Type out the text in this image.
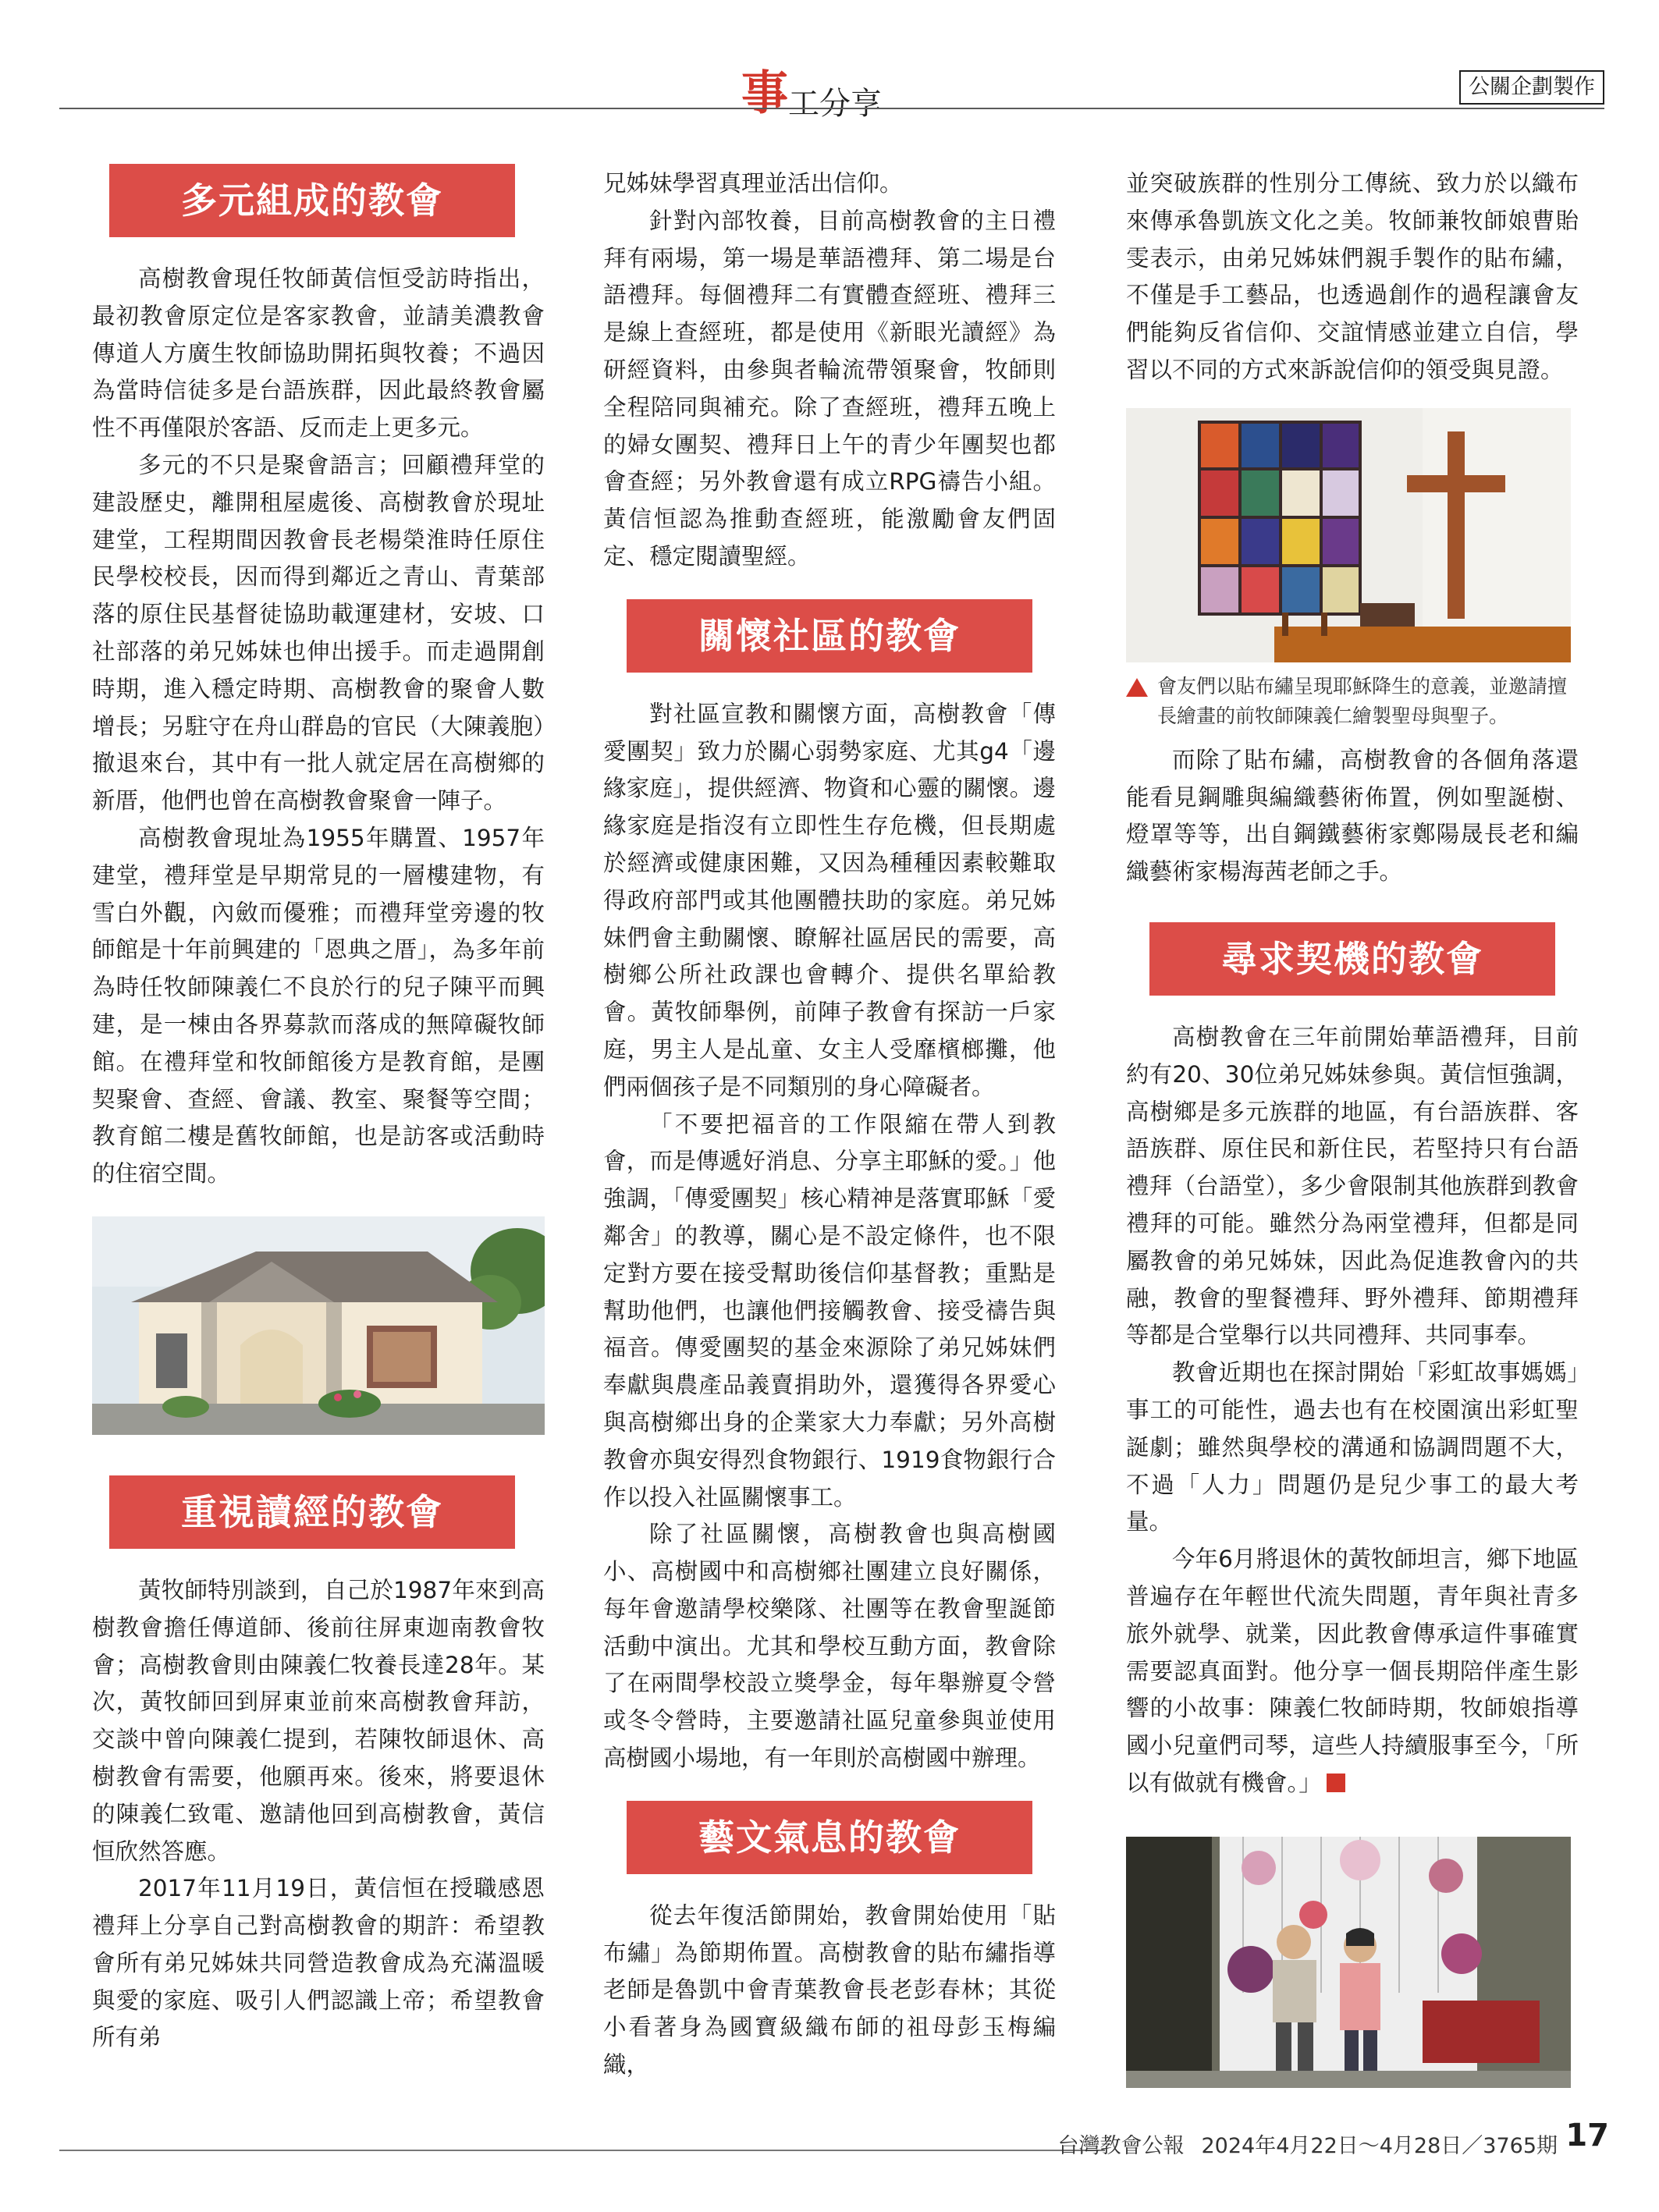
事工分享	公關企劃製作
多元組成的教會

高樹教會現任牧師黃信恒受訪時指出，最初教會原定位是客家教會，並請美濃教會傳道人方廣生牧師協助開拓與牧養；不過因為當時信徒多是台語族群，因此最終教會屬性不再僅限於客語、反而走上更多元。

多元的不只是聚會語言；回顧禮拜堂的建設歷史，離開租屋處後、高樹教會於現址建堂，工程期間因教會長老楊榮淮時任原住民學校校長，因而得到鄰近之青山、青葉部落的原住民基督徒協助載運建材，安坡、口社部落的弟兄姊妹也伸出援手。而走過開創時期，進入穩定時期、高樹教會的聚會人數增長；另駐守在舟山群島的官民（大陳義胞）撤退來台，其中有一批人就定居在高樹鄉的新厝，他們也曾在高樹教會聚會一陣子。

高樹教會現址為1955年購置、1957年建堂，禮拜堂是早期常見的一層樓建物，有雪白外觀，內斂而優雅；而禮拜堂旁邊的牧師館是十年前興建的「恩典之厝」，為多年前為時任牧師陳義仁不良於行的兒子陳平而興建，是一棟由各界募款而落成的無障礙牧師館。在禮拜堂和牧師館後方是教育館，是團契聚會、查經、會議、教室、聚餐等空間；教育館二樓是舊牧師館，也是訪客或活動時的住宿空間。

重視讀經的教會

黃牧師特別談到，自己於1987年來到高樹教會擔任傳道師、後前往屏東迦南教會牧會；高樹教會則由陳義仁牧養長達28年。某次，黃牧師回到屏東並前來高樹教會拜訪，交談中曾向陳義仁提到，若陳牧師退休、高樹教會有需要，他願再來。後來，將要退休的陳義仁致電、邀請他回到高樹教會，黃信恒欣然答應。

2017年11月19日，黃信恒在授職感恩禮拜上分享自己對高樹教會的期許：希望教會所有弟兄姊妹共同營造教會成為充滿溫暖與愛的家庭、吸引人們認識上帝；希望教會所有弟

兄姊妹學習真理並活出信仰。

針對內部牧養，目前高樹教會的主日禮拜有兩場，第一場是華語禮拜、第二場是台語禮拜。每個禮拜二有實體查經班、禮拜三是線上查經班，都是使用《新眼光讀經》為研經資料，由參與者輪流帶領聚會，牧師則全程陪同與補充。除了查經班，禮拜五晚上的婦女團契、禮拜日上午的青少年團契也都會查經；另外教會還有成立RPG禱告小組。黃信恒認為推動查經班，能激勵會友們固定、穩定閱讀聖經。

關懷社區的教會

對社區宣教和關懷方面，高樹教會「傳愛團契」致力於關心弱勢家庭、尤其g4「邊緣家庭」，提供經濟、物資和心靈的關懷。邊緣家庭是指沒有立即性生存危機，但長期處於經濟或健康困難，又因為種種因素較難取得政府部門或其他團體扶助的家庭。弟兄姊妹們會主動關懷、瞭解社區居民的需要，高樹鄉公所社政課也會轉介、提供名單給教會。黃牧師舉例，前陣子教會有探訪一戶家庭，男主人是乩童、女主人受靡檳榔攤，他們兩個孩子是不同類別的身心障礙者。

「不要把福音的工作限縮在帶人到教會，而是傳遞好消息、分享主耶穌的愛。」他強調，「傳愛團契」核心精神是落實耶穌「愛鄰舍」的教導，關心是不設定條件，也不限定對方要在接受幫助後信仰基督教；重點是幫助他們，也讓他們接觸教會、接受禱告與福音。傳愛團契的基金來源除了弟兄姊妹們奉獻與農產品義賣捐助外，還獲得各界愛心與高樹鄉出身的企業家大力奉獻；另外高樹教會亦與安得烈食物銀行、1919食物銀行合作以投入社區關懷事工。

除了社區關懷，高樹教會也與高樹國小、高樹國中和高樹鄉社團建立良好關係，每年會邀請學校樂隊、社團等在教會聖誕節活動中演出。尤其和學校互動方面，教會除了在兩間學校設立獎學金，每年舉辦夏令營或冬令營時，主要邀請社區兒童參與並使用高樹國小場地，有一年則於高樹國中辦理。

藝文氣息的教會

從去年復活節開始，教會開始使用「貼布繡」為節期佈置。高樹教會的貼布繡指導老師是魯凱中會青葉教會長老彭春林；其從小看著身為國寶級織布師的祖母彭玉梅編織，

並突破族群的性別分工傳統、致力於以織布來傳承魯凱族文化之美。牧師兼牧師娘曹貽雯表示，由弟兄姊妹們親手製作的貼布繡，不僅是手工藝品，也透過創作的過程讓會友們能夠反省信仰、交誼情感並建立自信，學習以不同的方式來訴說信仰的領受與見證。

會友們以貼布繡呈現耶穌降生的意義，並邀請擅長繪畫的前牧師陳義仁繪製聖母與聖子。

而除了貼布繡，高樹教會的各個角落還能看見鋼雕與編織藝術佈置，例如聖誕樹、燈罩等等，出自鋼鐵藝術家鄭陽晟長老和編織藝術家楊海茜老師之手。

尋求契機的教會

高樹教會在三年前開始華語禮拜，目前約有20、30位弟兄姊妹參與。黃信恒強調，高樹鄉是多元族群的地區，有台語族群、客語族群、原住民和新住民，若堅持只有台語禮拜（台語堂），多少會限制其他族群到教會禮拜的可能。雖然分為兩堂禮拜，但都是同屬教會的弟兄姊妹，因此為促進教會內的共融，教會的聖餐禮拜、野外禮拜、節期禮拜等都是合堂舉行以共同禮拜、共同事奉。

教會近期也在探討開始「彩虹故事媽媽」事工的可能性，過去也有在校園演出彩虹聖誕劇；雖然與學校的溝通和協調問題不大，不過「人力」問題仍是兒少事工的最大考量。

今年6月將退休的黃牧師坦言，鄉下地區普遍存在年輕世代流失問題，青年與社青多旅外就學、就業，因此教會傳承這件事確實需要認真面對。他分享一個長期陪伴產生影響的小故事：陳義仁牧師時期，牧師娘指導國小兒童們司琴，這些人持續服事至今，「所以有做就有機會。」

台灣教會公報 2024年4月22日～4月28日／3765期 17
